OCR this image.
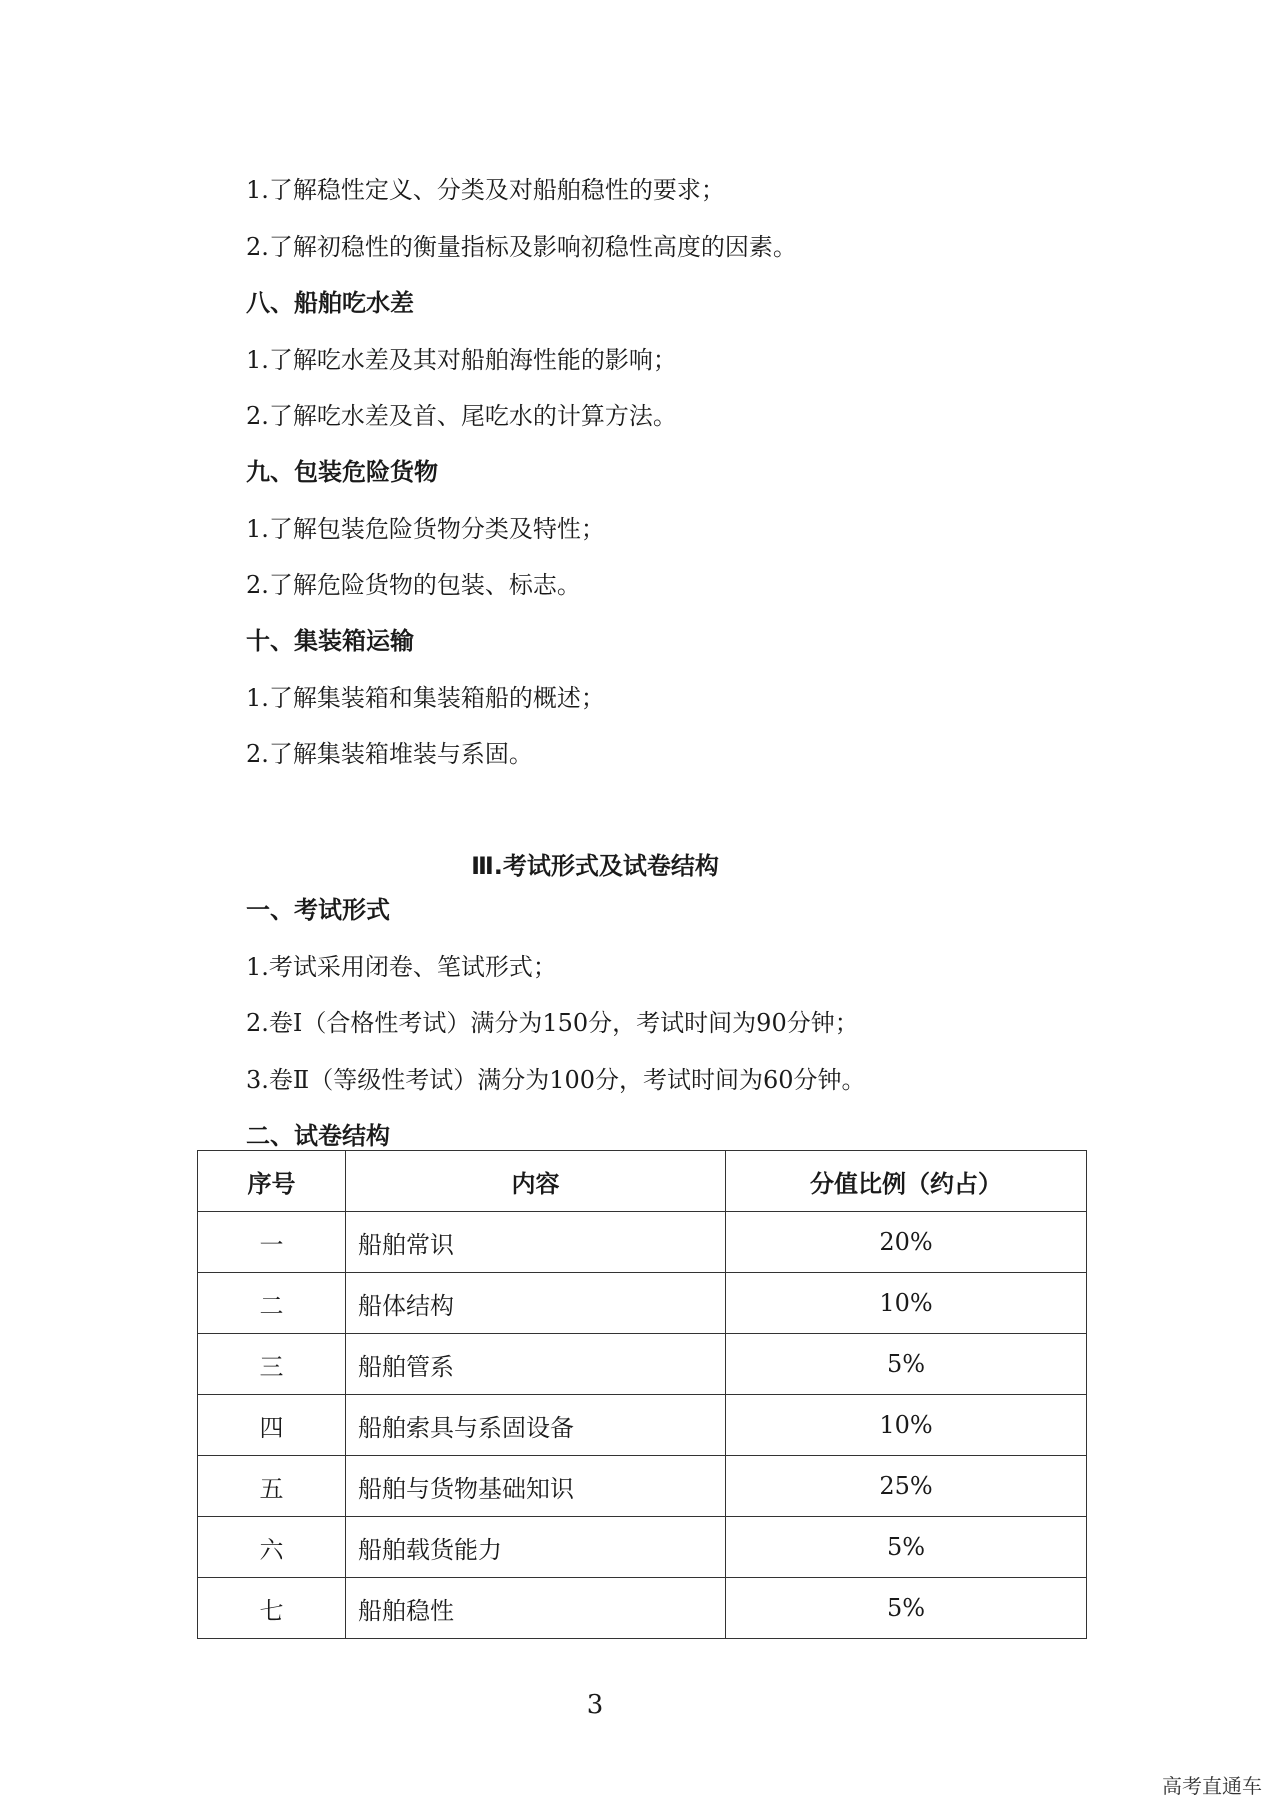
1.了解稳性定义、分类及对船舶稳性的要求；
2.了解初稳性的衡量指标及影响初稳性高度的因素。
八、船舶吃水差
1.了解吃水差及其对船舶海性能的影响；
2.了解吃水差及首、尾吃水的计算方法。
九、包装危险货物
1.了解包装危险货物分类及特性；
2.了解危险货物的包装、标志。
十、集装箱运输
1.了解集装箱和集装箱船的概述；
2.了解集装箱堆装与系固。
Ⅲ.考试形式及试卷结构
一、考试形式
1.考试采用闭卷、笔试形式；
2.卷Ⅰ（合格性考试）满分为150分，考试时间为90分钟；
3.卷Ⅱ（等级性考试）满分为100分，考试时间为60分钟。
二、试卷结构
序号	内容	分值比例（约占）
一	船舶常识	20%
二	船体结构	10%
三	船舶管系	5%
四	船舶索具与系固设备	10%
五	船舶与货物基础知识	25%
六	船舶载货能力	5%
七	船舶稳性	5%
3
高考直通车
